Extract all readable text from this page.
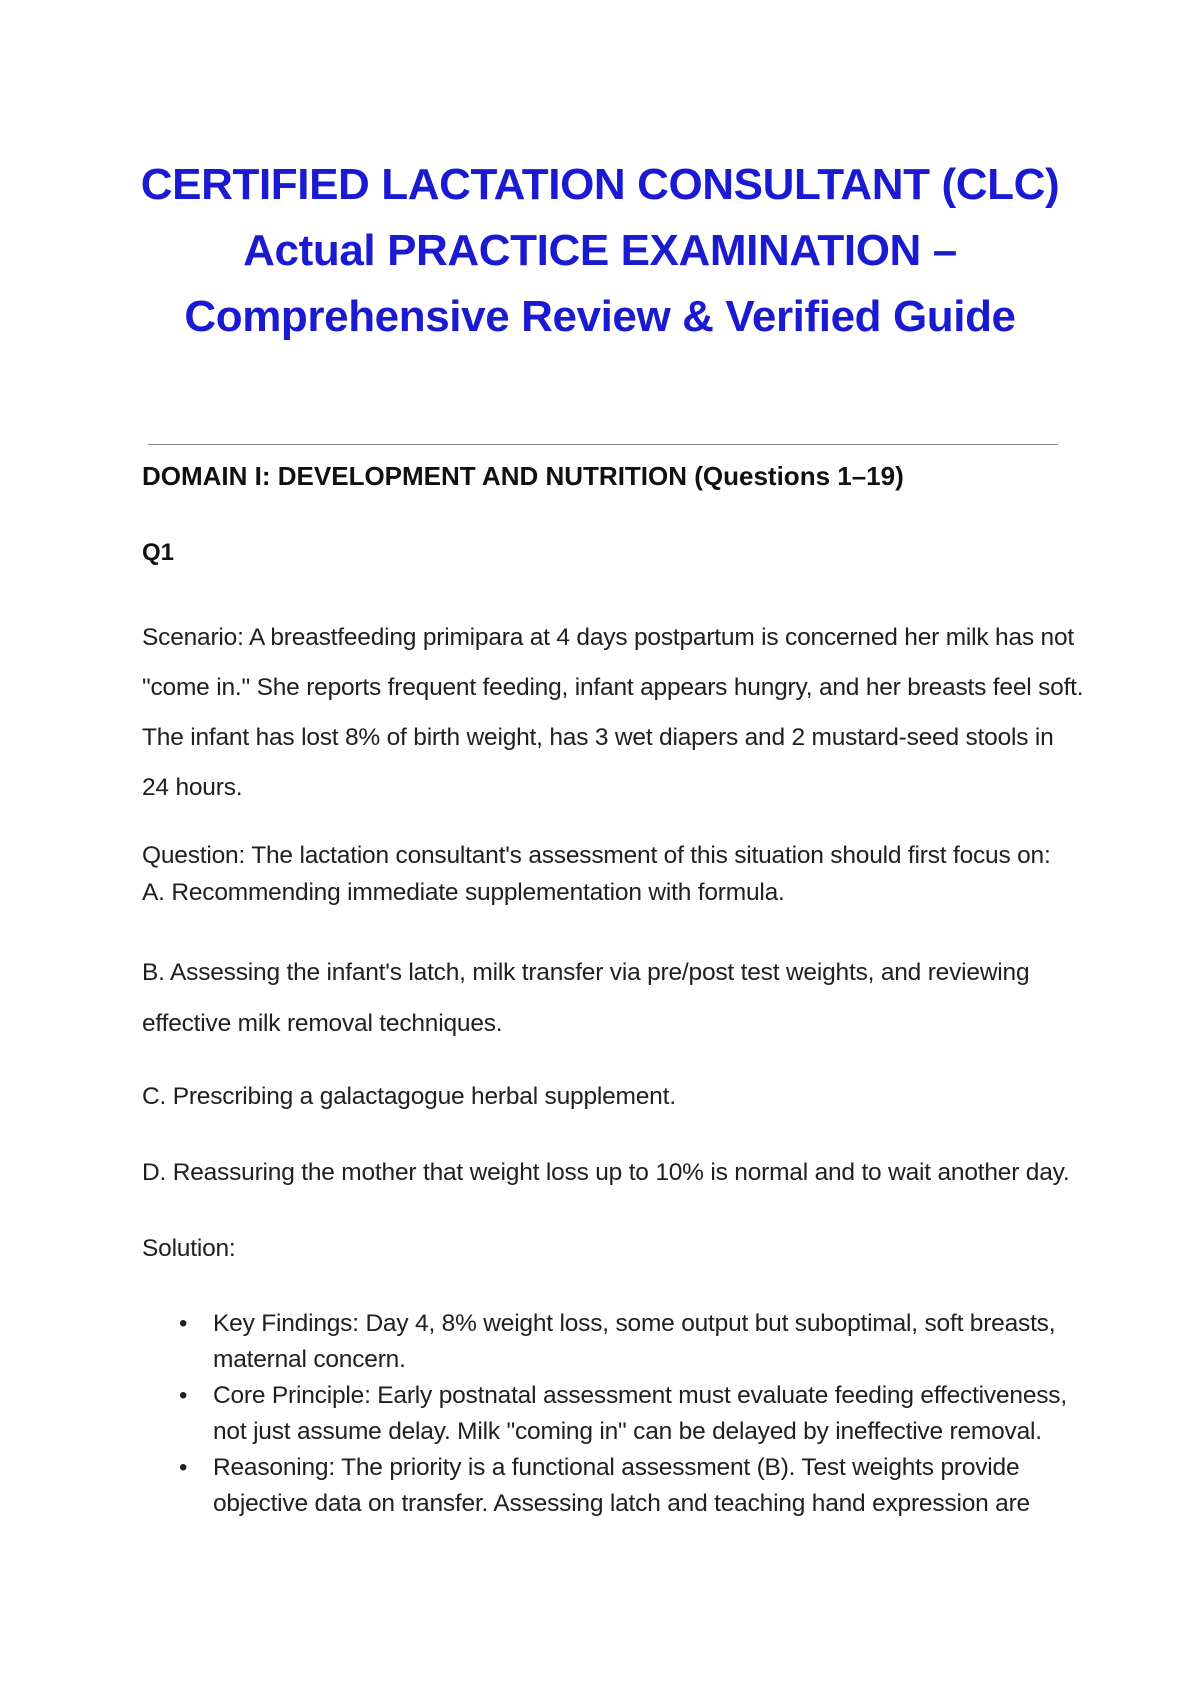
CERTIFIED LACTATION CONSULTANT (CLC)
Actual PRACTICE EXAMINATION –
Comprehensive Review & Verified Guide
DOMAIN I: DEVELOPMENT AND NUTRITION (Questions 1–19)
Q1
Scenario: A breastfeeding primipara at 4 days postpartum is concerned her milk has not
"come in." She reports frequent feeding, infant appears hungry, and her breasts feel soft.
The infant has lost 8% of birth weight, has 3 wet diapers and 2 mustard-seed stools in
24 hours.
Question: The lactation consultant's assessment of this situation should first focus on:
A. Recommending immediate supplementation with formula.
B. Assessing the infant's latch, milk transfer via pre/post test weights, and reviewing
effective milk removal techniques.
C. Prescribing a galactagogue herbal supplement.
D. Reassuring the mother that weight loss up to 10% is normal and to wait another day.
Solution:
• Key Findings: Day 4, 8% weight loss, some output but suboptimal, soft breasts,
maternal concern.
• Core Principle: Early postnatal assessment must evaluate feeding effectiveness,
not just assume delay. Milk "coming in" can be delayed by ineffective removal.
• Reasoning: The priority is a functional assessment (B). Test weights provide
objective data on transfer. Assessing latch and teaching hand expression are
